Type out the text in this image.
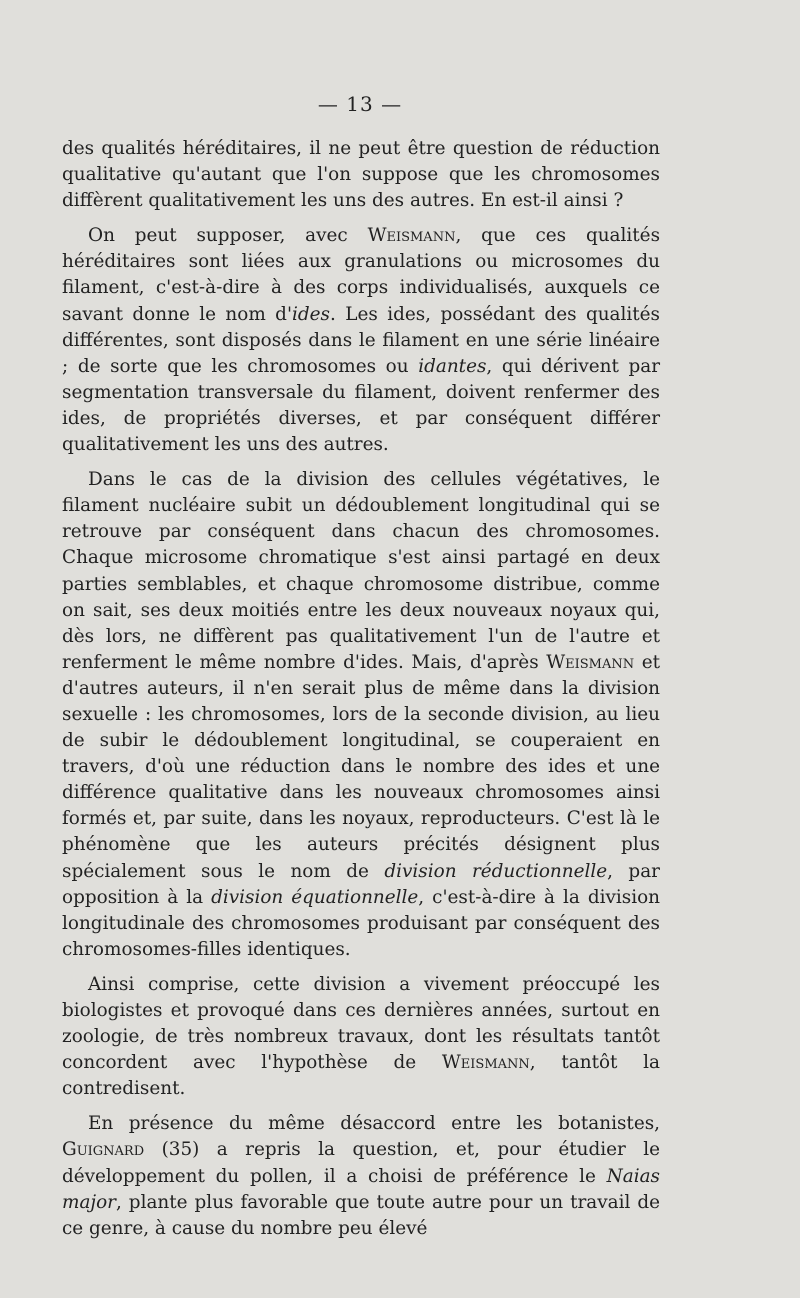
— 13 —

des qualités héréditaires, il ne peut être question de réduction qualitative qu'autant que l'on suppose que les chromosomes diffèrent qualitativement les uns des autres. En est-il ainsi ?

On peut supposer, avec Weismann, que ces qualités héréditaires sont liées aux granulations ou microsomes du filament, c'est-à-dire à des corps individualisés, auxquels ce savant donne le nom d'ides. Les ides, possédant des qualités différentes, sont disposés dans le filament en une série linéaire ; de sorte que les chromosomes ou idantes, qui dérivent par segmentation transversale du filament, doivent renfermer des ides, de propriétés diverses, et par conséquent différer qualitativement les uns des autres.

Dans le cas de la division des cellules végétatives, le filament nucléaire subit un dédoublement longitudinal qui se retrouve par conséquent dans chacun des chromosomes. Chaque microsome chromatique s'est ainsi partagé en deux parties semblables, et chaque chromosome distribue, comme on sait, ses deux moitiés entre les deux nouveaux noyaux qui, dès lors, ne diffèrent pas qualitativement l'un de l'autre et renferment le même nombre d'ides. Mais, d'après Weismann et d'autres auteurs, il n'en serait plus de même dans la division sexuelle : les chromosomes, lors de la seconde division, au lieu de subir le dédoublement longitudinal, se couperaient en travers, d'où une réduction dans le nombre des ides et une différence qualitative dans les nouveaux chromosomes ainsi formés et, par suite, dans les noyaux, reproducteurs. C'est là le phénomène que les auteurs précités désignent plus spécialement sous le nom de division réductionnelle, par opposition à la division équationnelle, c'est-à-dire à la division longitudinale des chromosomes produisant par conséquent des chromosomes-filles identiques.

Ainsi comprise, cette division a vivement préoccupé les biologistes et provoqué dans ces dernières années, surtout en zoologie, de très nombreux travaux, dont les résultats tantôt concordent avec l'hypothèse de Weismann, tantôt la contredisent.

En présence du même désaccord entre les botanistes, Guignard (35) a repris la question, et, pour étudier le développement du pollen, il a choisi de préférence le Naias major, plante plus favorable que toute autre pour un travail de ce genre, à cause du nombre peu élevé
